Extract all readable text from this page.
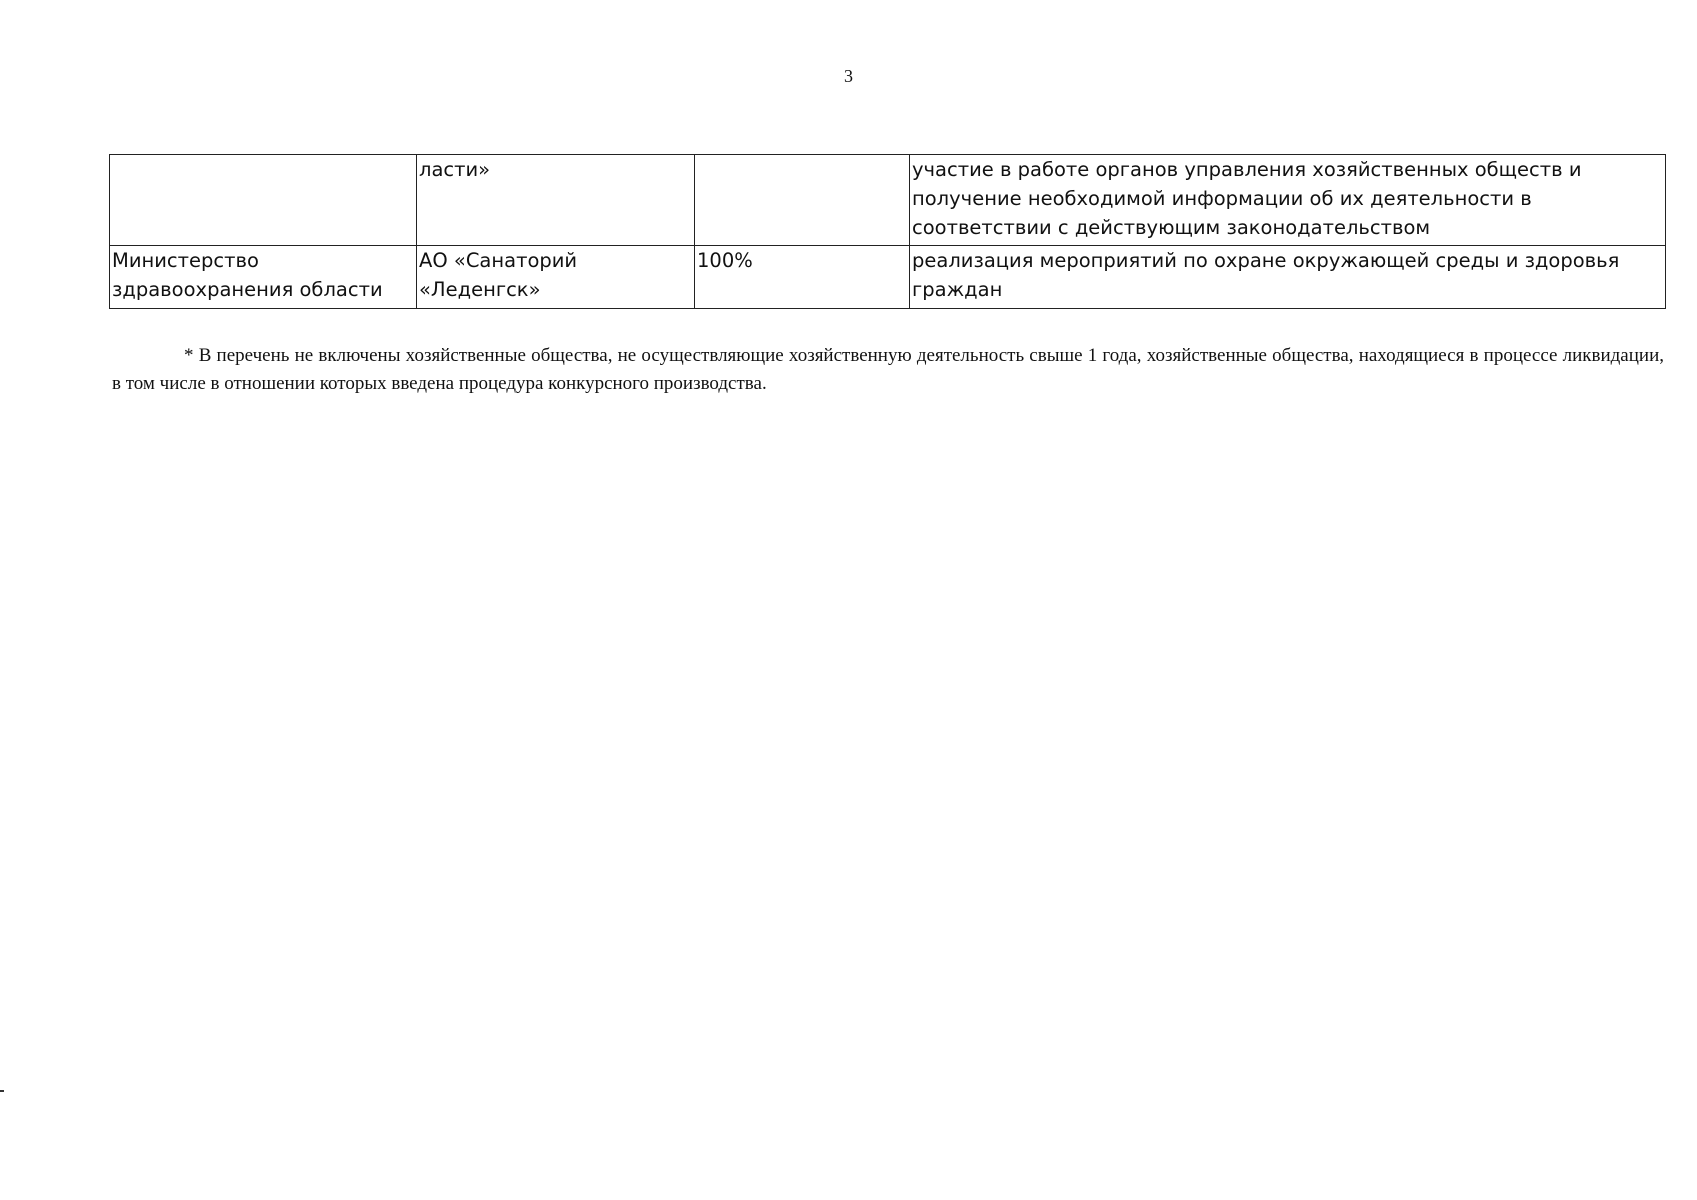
3
	ласти»		участие в работе органов управления хозяйственных обществ и получение необходимой информации об их деятельности в соответствии с действующим законодательством
Министерство здравоохранения области	АО «Санаторий «Леденгск»	100%	реализация мероприятий по охране окружающей среды и здоровья граждан
* В перечень не включены хозяйственные общества, не осуществляющие хозяйственную деятельность свыше 1 года, хозяйственные общества, находящиеся в процессе ликвидации, в том числе в отношении которых введена процедура конкурсного производства.
